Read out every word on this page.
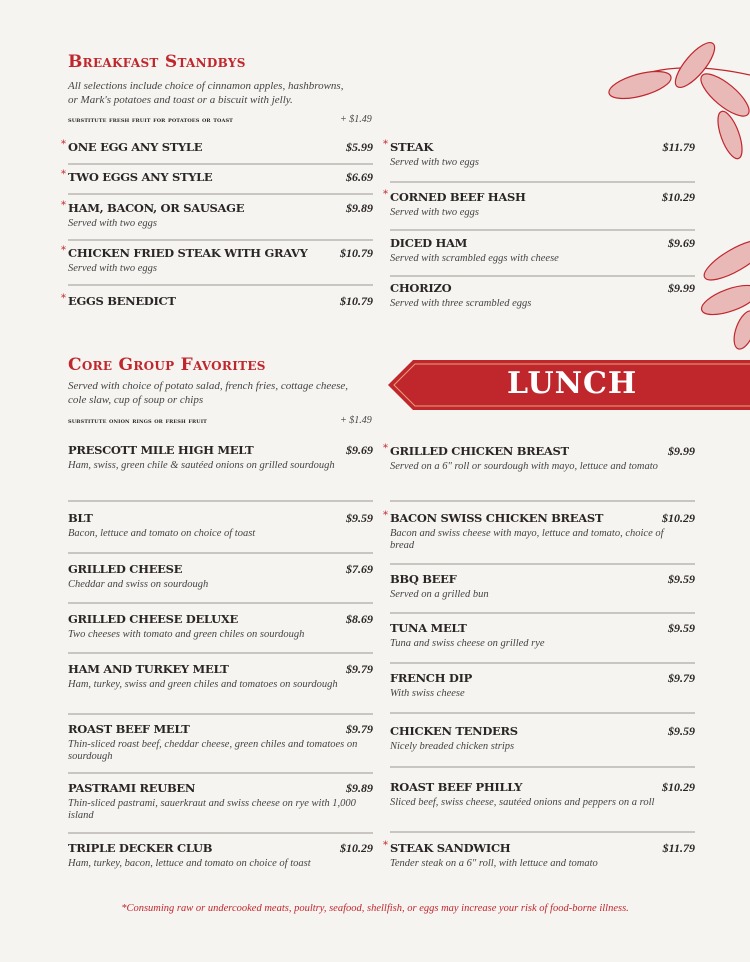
Breakfast Standbys
All selections include choice of cinnamon apples, hashbrowns,
or Mark's potatoes and toast or a biscuit with jelly.
substitute fresh fruit for potatoes or toast	+ $1.49
Core Group Favorites
Served with choice of potato salad, french fries, cottage cheese,
cole slaw, cup of soup or chips
substitute onion rings or fresh fruit	+ $1.49
LUNCH
* ONE EGG ANY STYLE	$5.99
* TWO EGGS ANY STYLE	$6.69
* HAM, BACON, OR SAUSAGE	$9.89
Served with two eggs
* CHICKEN FRIED STEAK WITH GRAVY	$10.79
Served with two eggs
* EGGS BENEDICT	$10.79
* STEAK	$11.79
Served with two eggs
* CORNED BEEF HASH	$10.29
Served with two eggs
DICED HAM	$9.69
Served with scrambled eggs with cheese
CHORIZO	$9.99
Served with three scrambled eggs
PRESCOTT MILE HIGH MELT	$9.69
Ham, swiss, green chile & sautéed onions on grilled sourdough
BLT	$9.59
Bacon, lettuce and tomato on choice of toast
GRILLED CHEESE	$7.69
Cheddar and swiss on sourdough
GRILLED CHEESE DELUXE	$8.69
Two cheeses with tomato and green chiles on sourdough
HAM AND TURKEY MELT	$9.79
Ham, turkey, swiss and green chiles and tomatoes on sourdough
ROAST BEEF MELT	$9.79
Thin-sliced roast beef, cheddar cheese, green chiles and tomatoes on sourdough
PASTRAMI REUBEN	$9.89
Thin-sliced pastrami, sauerkraut and swiss cheese on rye with 1,000 island
TRIPLE DECKER CLUB	$10.29
Ham, turkey, bacon, lettuce and tomato on choice of toast
* GRILLED CHICKEN BREAST	$9.99
Served on a 6" roll or sourdough with mayo, lettuce and tomato
* BACON SWISS CHICKEN BREAST	$10.29
Bacon and swiss cheese with mayo, lettuce and tomato, choice of bread
BBQ BEEF	$9.59
Served on a grilled bun
TUNA MELT	$9.59
Tuna and swiss cheese on grilled rye
FRENCH DIP	$9.79
With swiss cheese
CHICKEN TENDERS	$9.59
Nicely breaded chicken strips
ROAST BEEF PHILLY	$10.29
Sliced beef, swiss cheese, sautéed onions and peppers on a roll
* STEAK SANDWICH	$11.79
Tender steak on a 6" roll, with lettuce and tomato
*Consuming raw or undercooked meats, poultry, seafood, shellfish, or eggs may increase your risk of food-borne illness.
